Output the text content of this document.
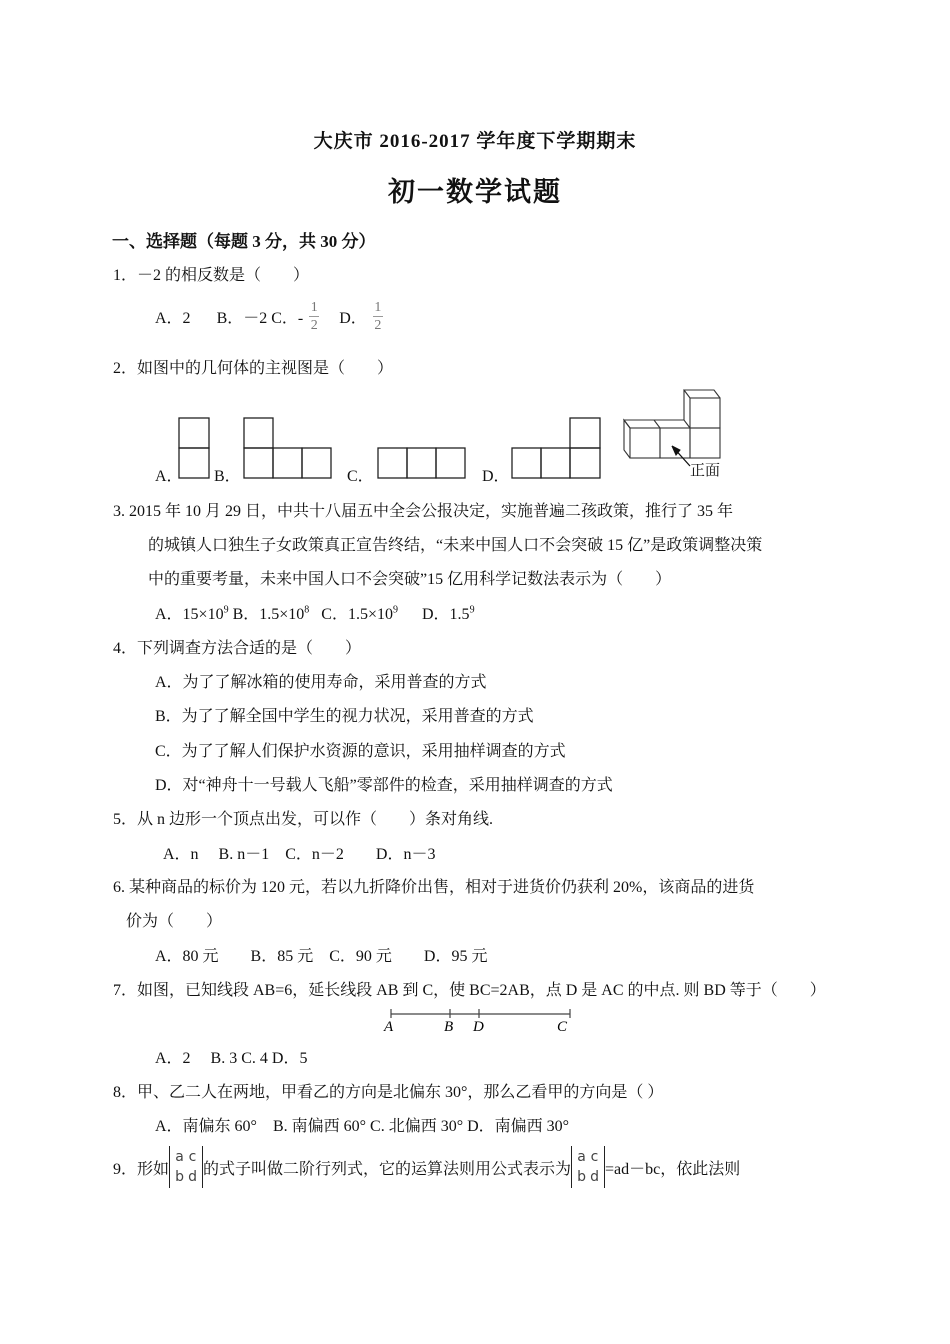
大庆市 2016-2017 学年度下学期期末
初一数学试题
一、选择题（每题 3 分，共 30 分）
1．－2 的相反数是（　　）
A．2 B．－2 C．- $\frac{1}{2}$ D． $\frac{1}{2}$
2．如图中的几何体的主视图是（　　）
A． B．	C．	D．	正面
3. 2015 年 10 月 29 日，中共十八届五中全会公报决定，实施普遍二孩政策，推行了 35 年
的城镇人口独生子女政策真正宣告终结，“未来中国人口不会突破 15 亿”是政策调整决策
中的重要考量，未来中国人口不会突破”15 亿用科学记数法表示为（　　）
A．$15\times 10^9$ B．$1.5\times 10^8$ C．$1.5\times 10^9$ D．$1.5^9$
4．下列调查方法合适的是（　　）
A．为了了解冰箱的使用寿命，采用普查的方式
B．为了了解全国中学生的视力状况，采用普查的方式
C．为了了解人们保护水资源的意识，采用抽样调查的方式
D．对“神舟十一号载人飞船”零部件的检查，采用抽样调查的方式
5．从 n 边形一个顶点出发，可以作（　　）条对角线.
A．n　 B. n－1　C．n－2　　D．n－3
6. 某种商品的标价为 120 元，若以九折降价出售，相对于进货价仍获利 20%，该商品的进货
价为（　　）
A．80 元　　B．85 元　C．90 元　　D．95 元
7．如图，已知线段 AB=6，延长线段 AB 到 C，使 BC=2AB，点 D 是 AC 的中点. 则 BD 等于（　　）
A	B D	C
A．2　 B. 3 C. 4 D．5
8．甲、乙二人在两地，甲看乙的方向是北偏东 30°，那么乙看甲的方向是（ ）
A．南偏东 60°　B. 南偏西 60° C. 北偏西 30° D．南偏西 30°
9．形如
a c
b d 的式子叫做二阶行列式，它的运算法则用公式表示为
a c
b d =ad－bc，依此法则
